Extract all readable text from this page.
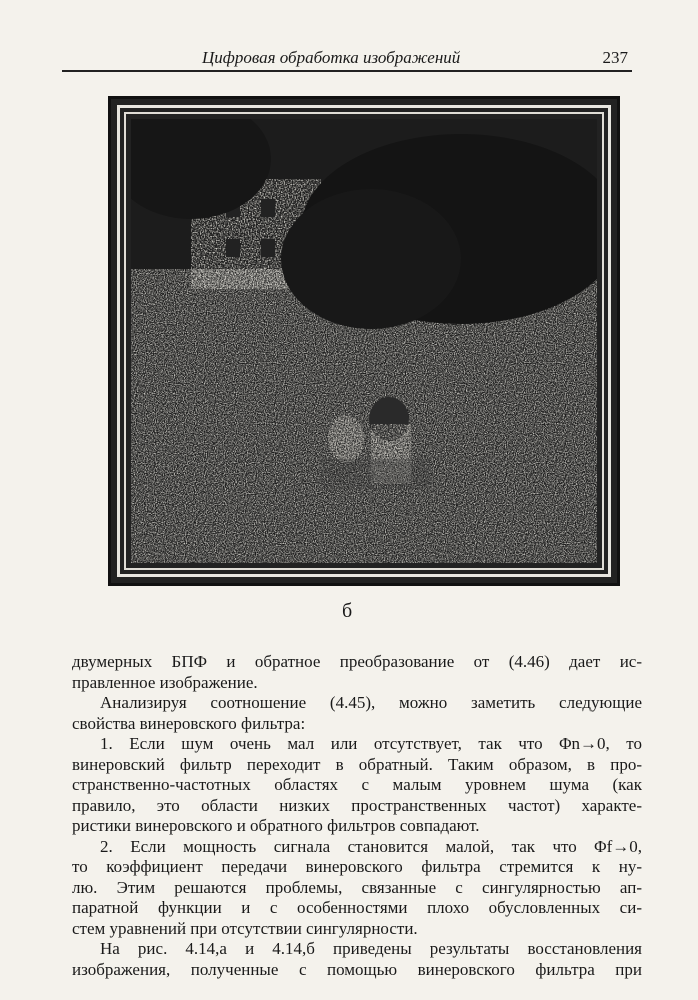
Цифровая обработка изображений	237
б
двумерных БПФ и обратное преобразование от (4.46) дает ис-
правленное изображение.
Анализируя соотношение (4.45), можно заметить следующие
свойства винеровского фильтра:
1. Если шум очень мал или отсутствует, так что Φn→0, то
винеровский фильтр переходит в обратный. Таким образом, в про-
странственно-частотных областях с малым уровнем шума (как
правило, это области низких пространственных частот) характе-
ристики винеровского и обратного фильтров совпадают.
2. Если мощность сигнала становится малой, так что Φf→0,
то коэффициент передачи винеровского фильтра стремится к ну-
лю. Этим решаются проблемы, связанные с сингулярностью ап-
паратной функции и с особенностями плохо обусловленных си-
стем уравнений при отсутствии сингулярности.
На рис. 4.14,а и 4.14,б приведены результаты восстановления
изображения, полученные с помощью винеровского фильтра при
